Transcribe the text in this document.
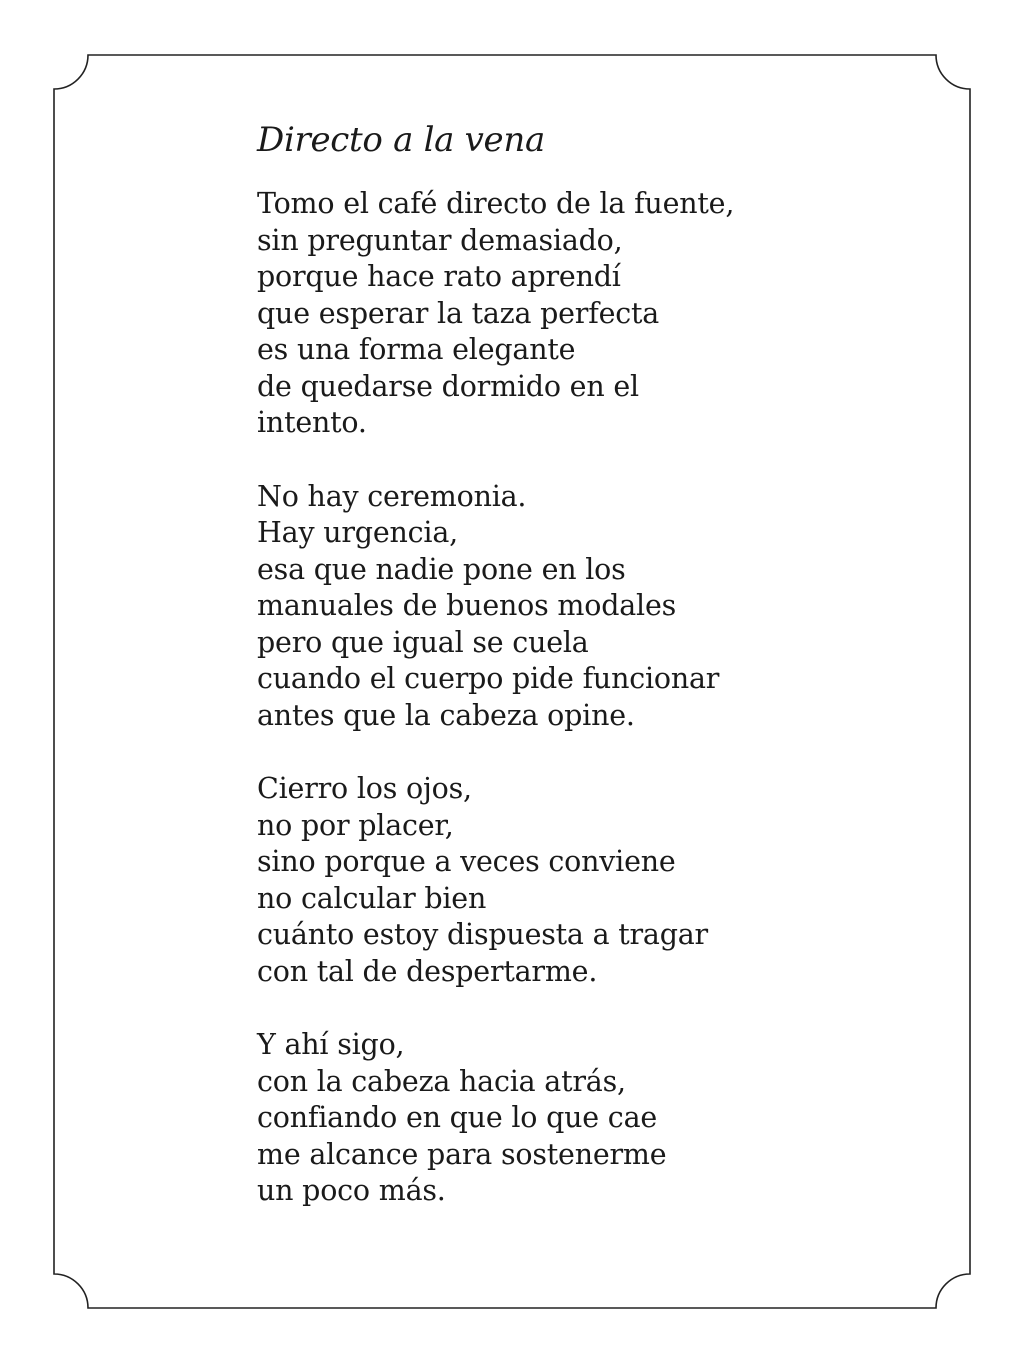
Directo a la vena
Tomo el café directo de la fuente,
sin preguntar demasiado,
porque hace rato aprendí
que esperar la taza perfecta
es una forma elegante
de quedarse dormido en el
intento.
No hay ceremonia.
Hay urgencia,
esa que nadie pone en los
manuales de buenos modales
pero que igual se cuela
cuando el cuerpo pide funcionar
antes que la cabeza opine.
Cierro los ojos,
no por placer,
sino porque a veces conviene
no calcular bien
cuánto estoy dispuesta a tragar
con tal de despertarme.
Y ahí sigo,
con la cabeza hacia atrás,
confiando en que lo que cae
me alcance para sostenerme
un poco más.
